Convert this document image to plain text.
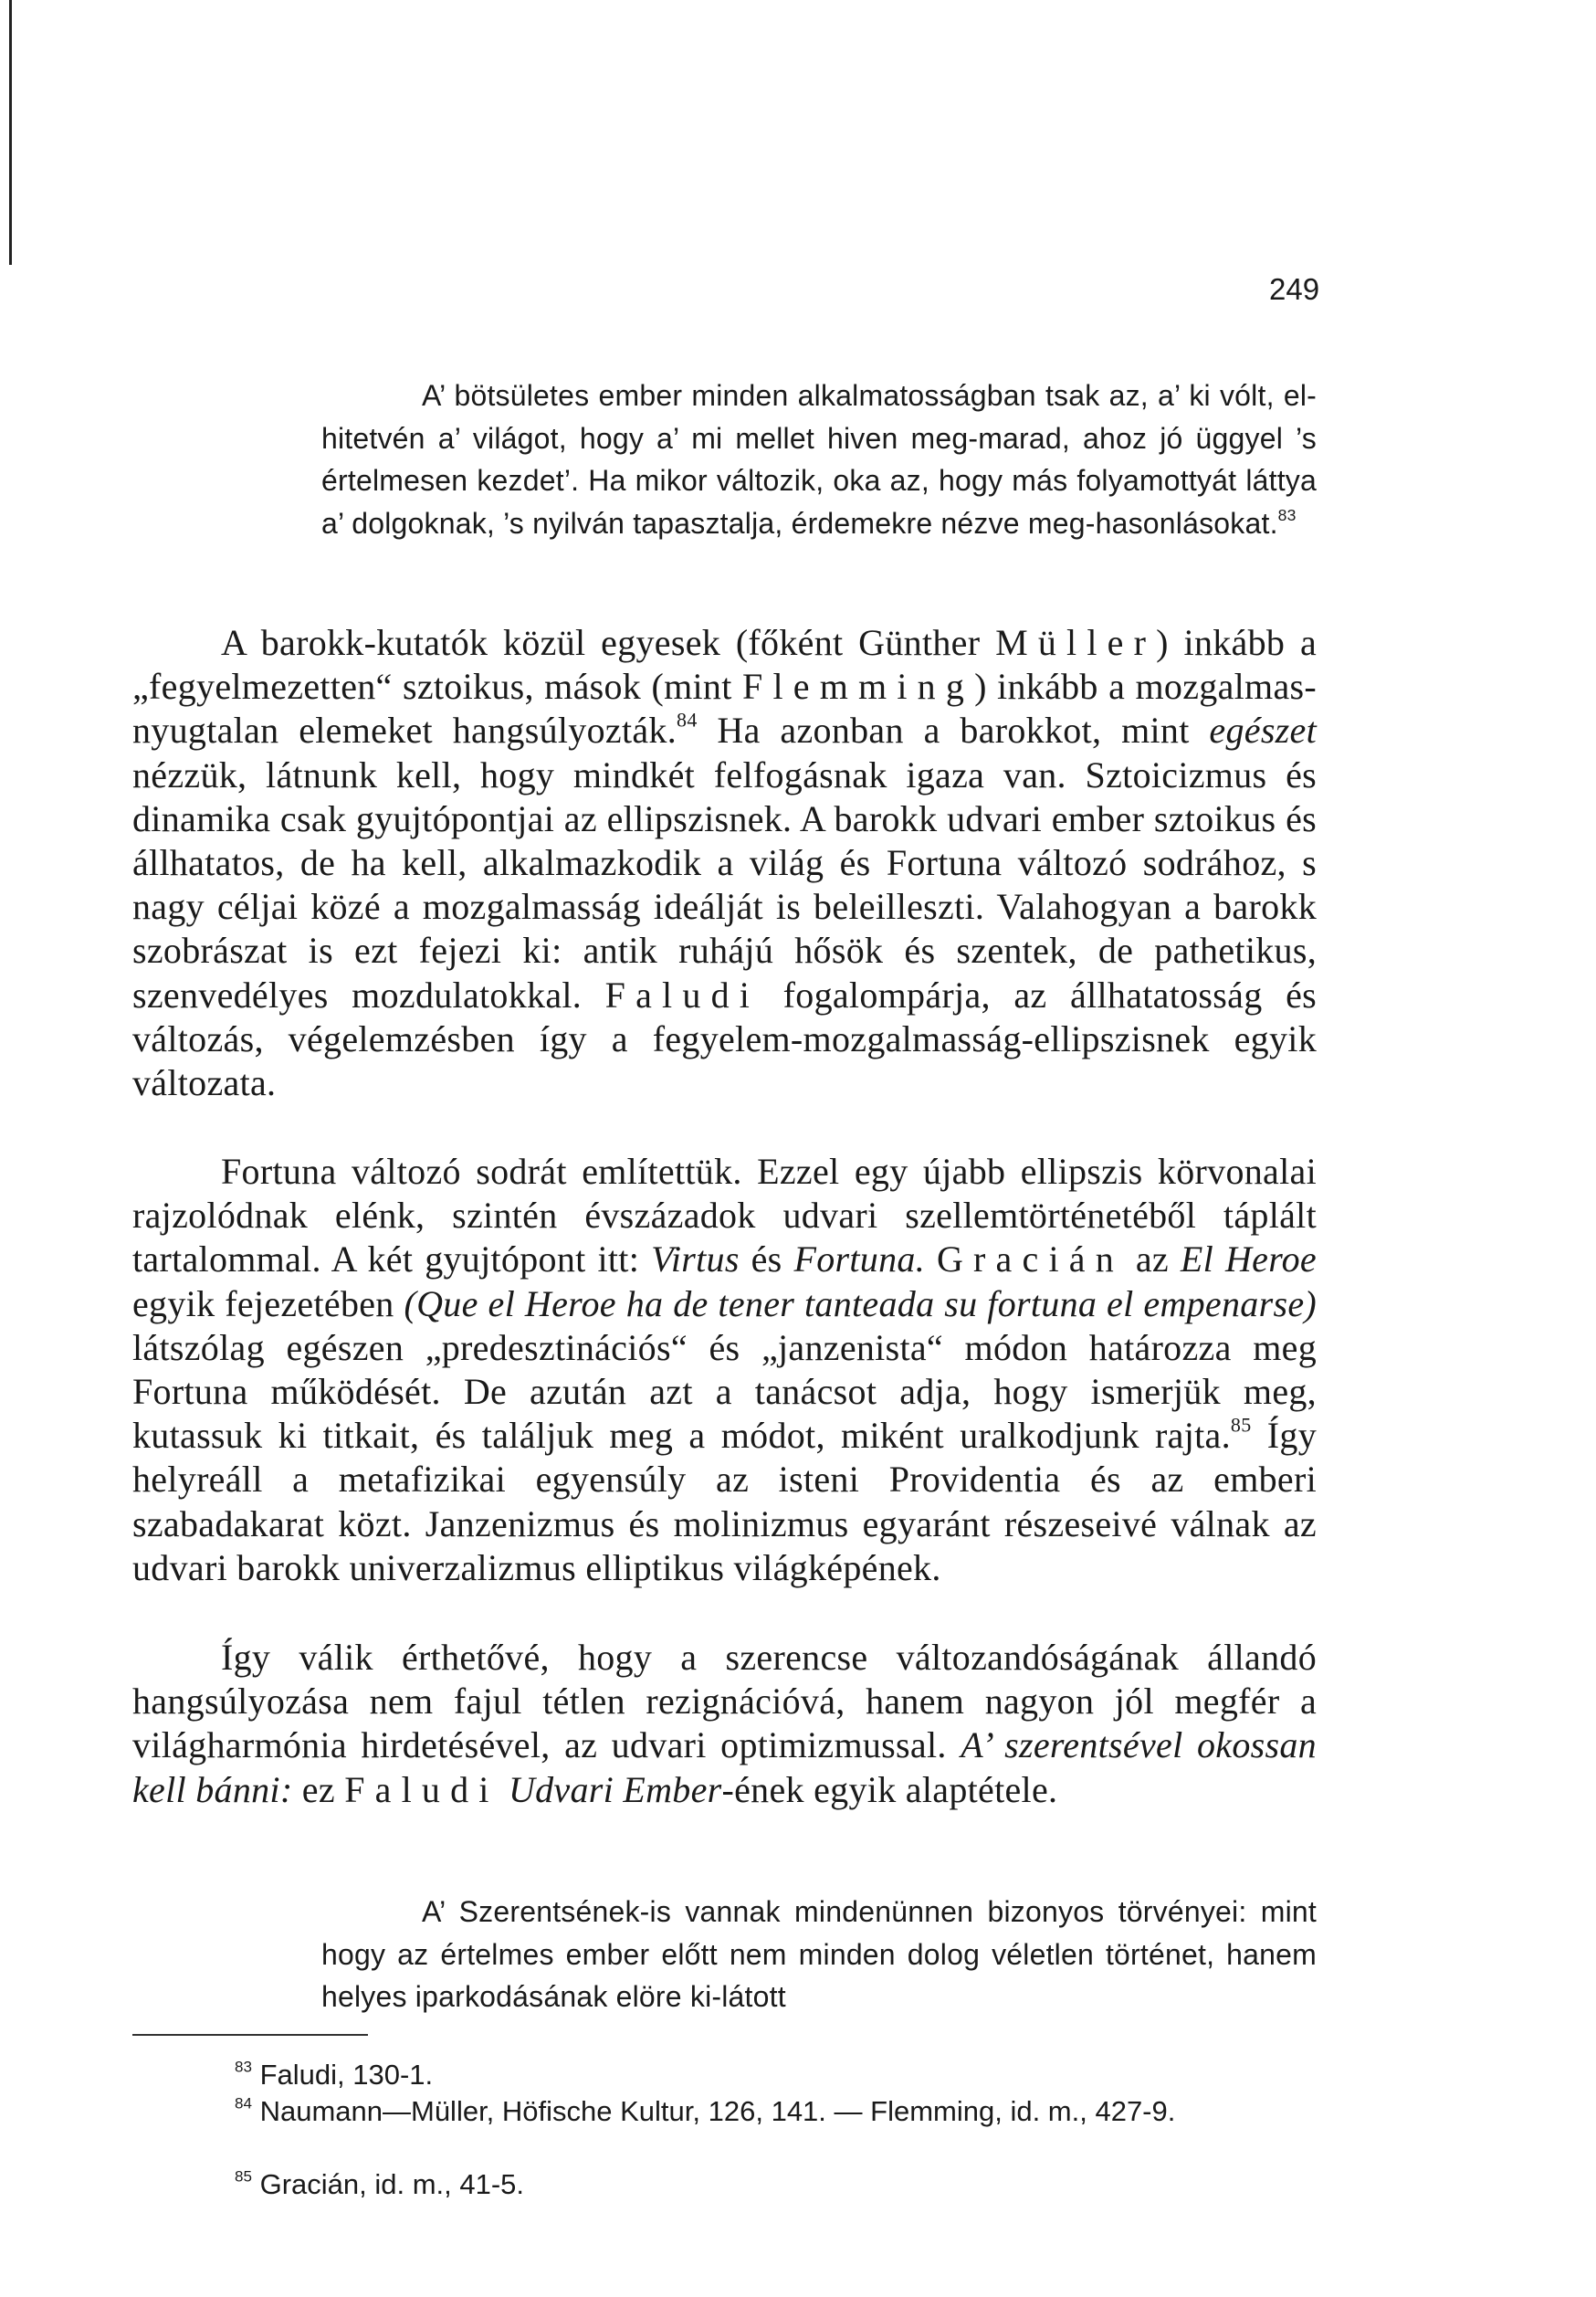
249

A’ bötsületes ember minden alkalmatosságban tsak az, a’ ki vólt, el-hitetvén a’ világot, hogy a’ mi mellet hiven meg-marad, ahoz jó üggyel ’s értelmesen kezdet’. Ha mikor változik, oka az, hogy más folyamottyát láttya a’ dolgoknak, ’s nyilván tapasztalja, érdemekre nézve meg-hasonlásokat.$^{83}$

A barokk-kutatók közül egyesek (főként Günther Müller) inkább a „fegyelmezetten“ sztoikus, mások (mint Flemming) inkább a mozgalmas-nyugtalan elemeket hangsúlyozták.$^{84}$ Ha azonban a barokkot, mint egészet nézzük, látnunk kell, hogy mindkét felfogásnak igaza van. Sztoicizmus és dinamika csak gyujtópontjai az ellipszisnek. A barokk udvari ember sztoikus és állhatatos, de ha kell, alkalmazkodik a világ és Fortuna változó sodrához, s nagy céljai közé a mozgalmasság ideálját is beleilleszti. Valahogyan a barokk szobrászat is ezt fejezi ki: antik ruhájú hősök és szentek, de pathetikus, szenvedélyes mozdulatokkal. Faludi fogalompárja, az állhatatosság és változás, végelemzésben így a fegyelem-mozgalmasság-ellipszisnek egyik változata.

Fortuna változó sodrát említettük. Ezzel egy újabb ellipszis körvonalai rajzolódnak elénk, szintén évszázadok udvari szellemtörténetéből táplált tartalommal. A két gyujtópont itt: Virtus és Fortuna. Gracián az El Heroe egyik fejezetében (Que el Heroe ha de tener tanteada su fortuna el empenarse) látszólag egészen „predesztinációs“ és „janzenista“ módon határozza meg Fortuna működését. De azután azt a tanácsot adja, hogy ismerjük meg, kutassuk ki titkait, és találjuk meg a módot, miként uralkodjunk rajta.$^{85}$ Így helyreáll a metafizikai egyensúly az isteni Providentia és az emberi szabadakarat közt. Janzenizmus és molinizmus egyaránt részeseivé válnak az udvari barokk univerzalizmus elliptikus világképének.

Így válik érthetővé, hogy a szerencse változandóságának állandó hangsúlyozása nem fajul tétlen rezignációvá, hanem nagyon jól megfér a világharmónia hirdetésével, az udvari optimizmussal. A’ szerentsével okossan kell bánni: ez Faludi Udvari Ember-ének egyik alaptétele.

A’ Szerentsének-is vannak mindenünnen bizonyos törvényei: mint hogy az értelmes ember előtt nem minden dolog véletlen történet, hanem helyes iparkodásának elöre ki-látott

$^{83}$ Faludi, 130-1.

$^{84}$ Naumann—Müller, Höfische Kultur, 126, 141. — Flemming, id. m., 427-9.

$^{85}$ Gracián, id. m., 41-5.
